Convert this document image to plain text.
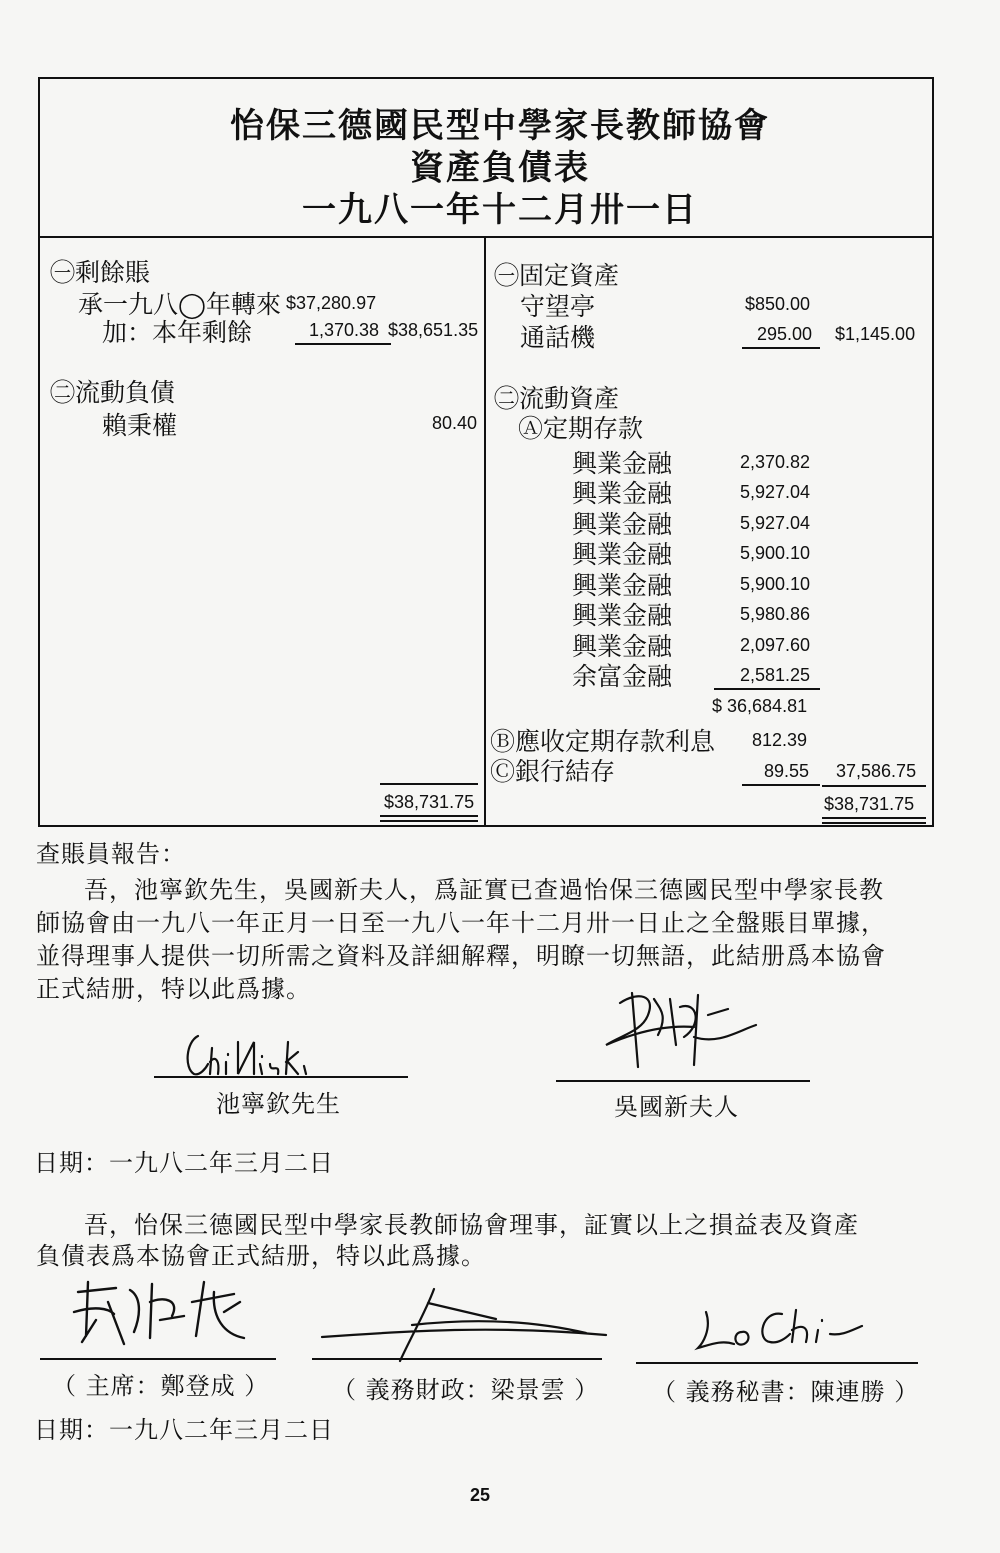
怡保三德國民型中學家長教師協會
資產負債表
一九八一年十二月卅一日
㊀剩餘賬
承一九八◯年轉來 $37,280.97
加：本年剩餘	1,370.38 $38,651.35
㊁流動負債
賴秉權	80.40
$38,731.75
㊀固定資產
守望亭	$850.00
通話機	295.00 $1,145.00
㊁流動資產
Ⓐ定期存款
興業金融	2,370.82
興業金融	5,927.04
興業金融	5,927.04
興業金融	5,900.10
興業金融	5,900.10
興業金融	5,980.86
興業金融	2,097.60
余富金融	2,581.25
$ 36,684.81
Ⓑ應收定期存款利息 812.39
Ⓒ銀行結存	89.55 37,586.75
$38,731.75
查賬員報告：
吾，池寧欽先生，吳國新夫人，爲証實已查過怡保三德國民型中學家長教
師協會由一九八一年正月一日至一九八一年十二月卅一日止之全盤賬目單據，
並得理事人提供一切所需之資料及詳細解釋，明瞭一切無語，此結册爲本協會
正式結册，特以此爲據。
池寧欽先生	吳國新夫人
日期：一九八二年三月二日
吾，怡保三德國民型中學家長教師協會理事，証實以上之損益表及資產
負債表爲本協會正式結册，特以此爲據。
（ 主席：鄭登成 ）	（ 義務財政：梁景雲 ） （ 義務秘書：陳連勝 ）
日期：一九八二年三月二日
25
